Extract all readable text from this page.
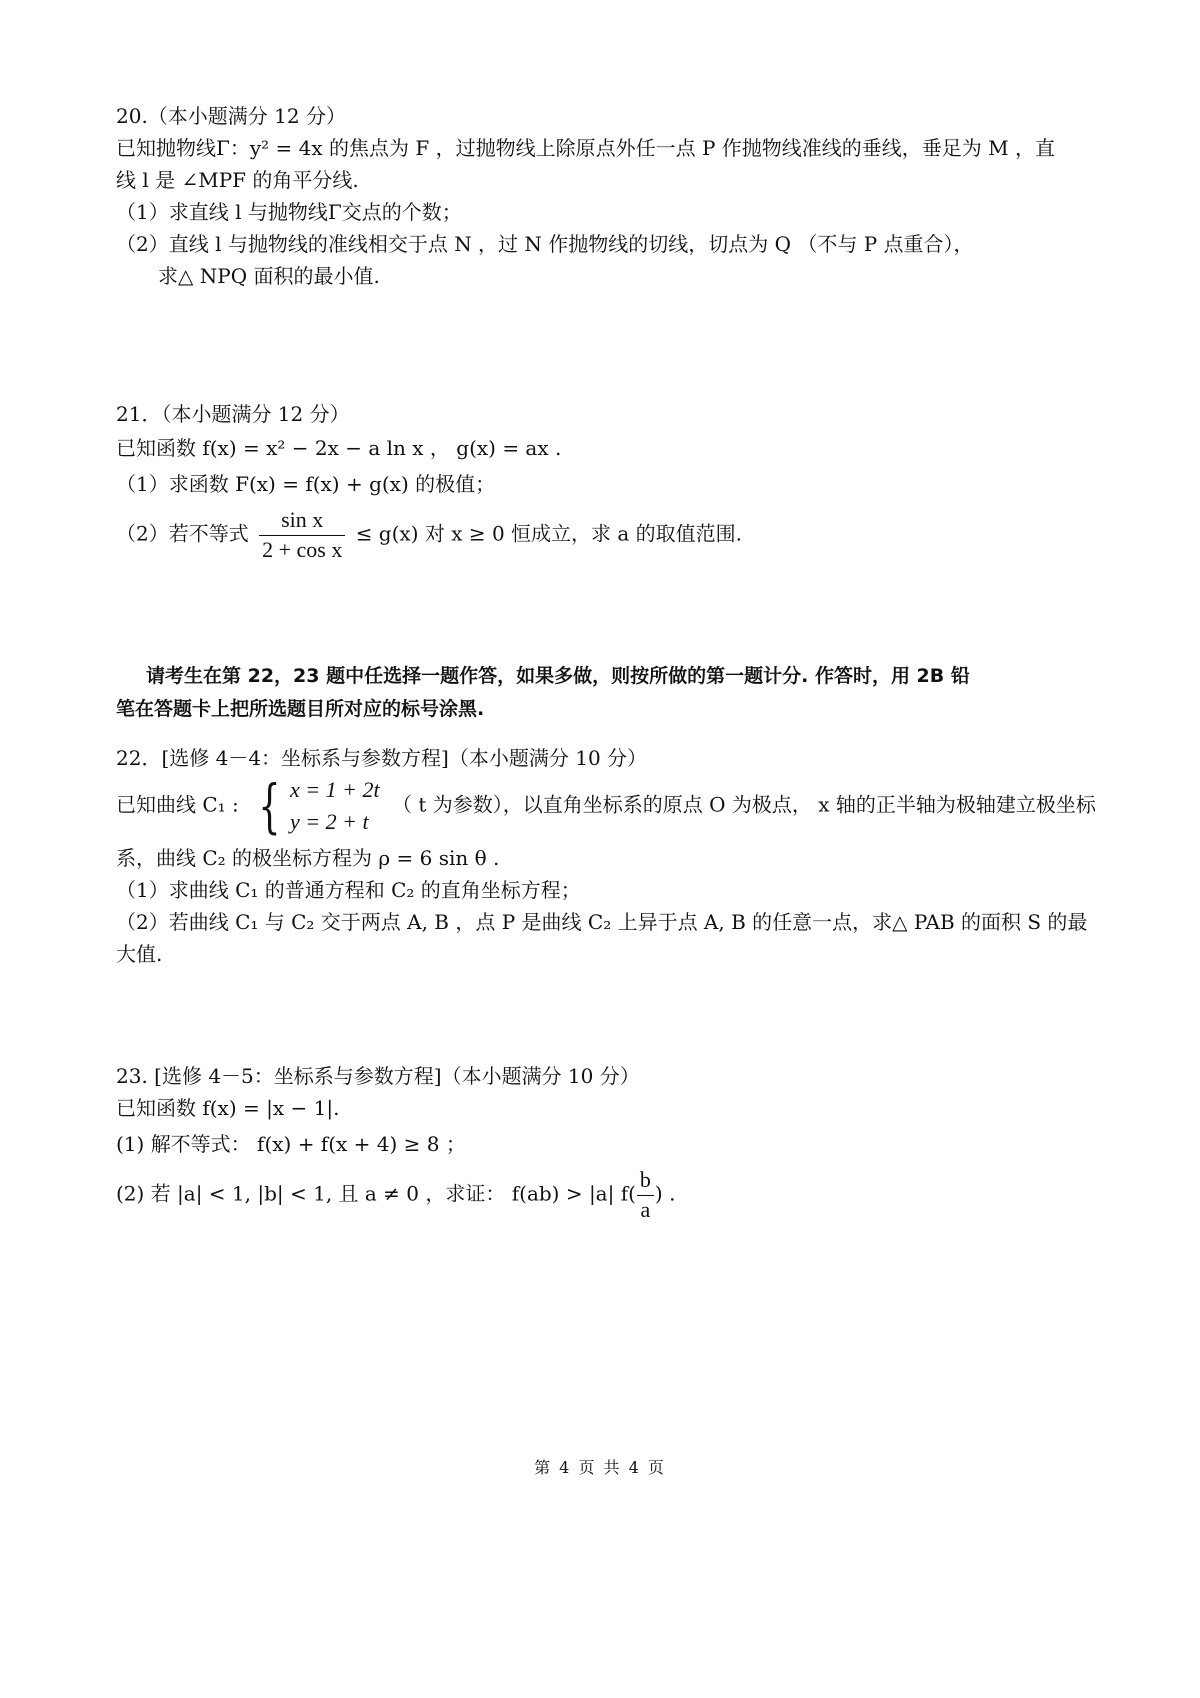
20.（本小题满分 12 分）
已知抛物线Γ：y² = 4x 的焦点为 F ，过抛物线上除原点外任一点 P 作抛物线准线的垂线，垂足为 M ，直
线 l 是 ∠MPF 的角平分线.
（1）求直线 l 与抛物线Γ交点的个数；
（2）直线 l 与抛物线的准线相交于点 N ，过 N 作抛物线的切线，切点为 Q （不与 P 点重合），
求△ NPQ 面积的最小值.
21．（本小题满分 12 分）
已知函数 f(x) = x² − 2x − a ln x ， g(x) = ax .
（1）求函数 F(x) = f(x) + g(x) 的极值；
（2）若不等式 $\frac{\text{sin x}}{\text{2 + cos x}} \le g(x)$ 对 x ≥ 0 恒成立，求 a 的取值范围.
请考生在第 22，23 题中任选择一题作答，如果多做，则按所做的第一题计分. 作答时，用 2B 铅
笔在答题卡上把所选题目所对应的标号涂黑.
22．[选修 4－4：坐标系与参数方程]（本小题满分 10 分）
已知曲线 C₁ : { x = 1 + 2t
y = 2 + t
（ t 为参数），以直角坐标系的原点 O 为极点， x 轴的正半轴为极轴建立极坐标
系，曲线 C₂ 的极坐标方程为 ρ = 6 sin θ .
（1）求曲线 C₁ 的普通方程和 C₂ 的直角坐标方程；
（2）若曲线 C₁ 与 C₂ 交于两点 A, B ，点 P 是曲线 C₂ 上异于点 A, B 的任意一点，求△ PAB 的面积 S 的最
大值.
23. [选修 4－5：坐标系与参数方程]（本小题满分 10 分）
已知函数 f(x) = |x − 1|.
(1) 解不等式： f(x) + f(x + 4) ≥ 8 ；
(2) 若 |a| < 1, |b| < 1, 且 a ≠ 0 ，求证： f(ab) > |a| $f( \frac{b}{a}$ ) .
第 4 页 共 4 页
